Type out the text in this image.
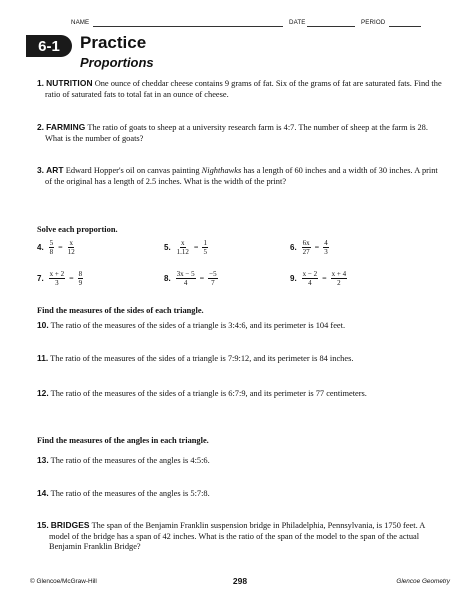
NAME	DATE	PERIOD
6-1	Practice
Proportions
1. NUTRITION One ounce of cheddar cheese contains 9 grams of fat. Six of the grams of fat are saturated fats. Find the ratio of saturated fats to total fat in an ounce of cheese.
2. FARMING The ratio of goats to sheep at a university research farm is 4:7. The number of sheep at the farm is 28. What is the number of goats?
3. ART Edward Hopper's oil on canvas painting Nighthawks has a length of 60 inches and a width of 30 inches. A print of the original has a length of 2.5 inches. What is the width of the print?
Solve each proportion.
4. $\frac{5}{8} = \frac{x}{12}$	5. $\frac{x}{1.12} = \frac{1}{5}$	6. $\frac{6x}{27} = \frac{4}{3}$
7. $\frac{x + 2}{3} = \frac{8}{9}$	8. $\frac{3x - 5}{4} = \frac{-5}{7}$	9. $\frac{x - 2}{4} = \frac{x + 4}{2}$
Find the measures of the sides of each triangle.
10. The ratio of the measures of the sides of a triangle is 3:4:6, and its perimeter is 104 feet.
11. The ratio of the measures of the sides of a triangle is 7:9:12, and its perimeter is 84 inches.
12. The ratio of the measures of the sides of a triangle is 6:7:9, and its perimeter is 77 centimeters.
Find the measures of the angles in each triangle.
13. The ratio of the measures of the angles is 4:5:6.
14. The ratio of the measures of the angles is 5:7:8.
15. BRIDGES The span of the Benjamin Franklin suspension bridge in Philadelphia, Pennsylvania, is 1750 feet. A model of the bridge has a span of 42 inches. What is the ratio of the span of the model to the span of the actual Benjamin Franklin Bridge?
© Glencoe/McGraw-Hill	298	Glencoe Geometry
